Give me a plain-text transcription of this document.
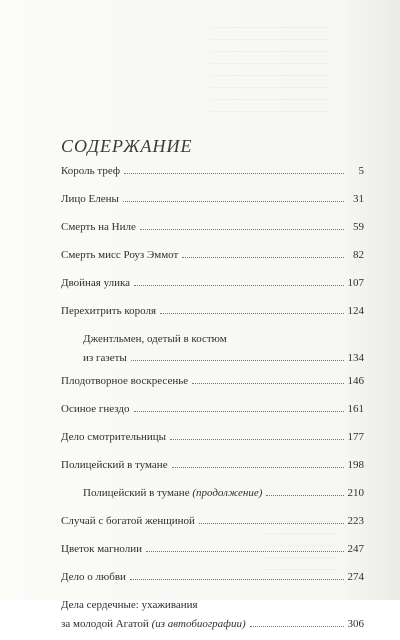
__________________________
__________________________
__________________________
__________________________
__________________________
__________________________
__________________________
__________________________
________________
________________
________________
________________
________________
СОДЕРЖАНИЕ
Король треф	5
Лицо Елены	31
Смерть на Ниле	59
Смерть мисс Роуз Эммот	82
Двойная улика	107
Перехитрить короля	124
Джентльмен, одетый в костюм
из газеты	134
Плодотворное воскресенье	146
Осиное гнездо	161
Дело смотрительницы	177
Полицейский в тумане	198
Полицейский в тумане (продолжение)	210
Случай с богатой женщиной	223
Цветок магнолии	247
Дело о любви	274
Дела сердечные: ухаживания
за молодой Агатой (из автобиографии)	306
